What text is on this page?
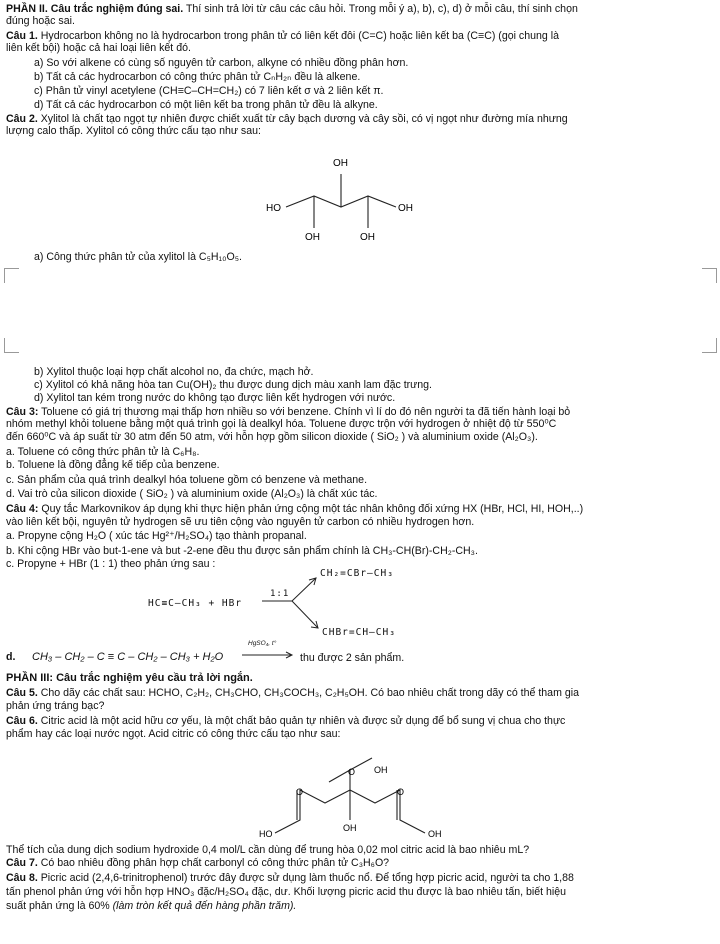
PHẦN II. Câu trắc nghiệm đúng sai. Thí sinh trả lời từ câu các câu hỏi. Trong mỗi ý a), b), c), d) ở mỗi câu, thí sinh chọn
đúng hoặc sai.
Câu 1. Hydrocarbon không no là hydrocarbon trong phân tử có liên kết đôi (C=C) hoặc liên kết ba (C≡C) (gọi chung là
liên kết bội) hoặc cả hai loại liên kết đó.
a) So với alkene có cùng số nguyên tử carbon, alkyne có nhiều đồng phân hơn.
b) Tất cả các hydrocarbon có công thức phân tử CₙH₂ₙ đều là alkene.
c) Phân tử vinyl acetylene (CH≡C–CH=CH₂) có 7 liên kết σ và 2 liên kết π.
d) Tất cả các hydrocarbon có một liên kết ba trong phân tử đều là alkyne.
Câu 2. Xylitol là chất tạo ngọt tự nhiên được chiết xuất từ cây bạch dương và cây sồi, có vị ngọt như đường mía nhưng
lượng calo thấp. Xylitol có công thức cấu tạo như sau:
OH
HO	OH
OH	OH
a) Công thức phân tử của xylitol là C₅H₁₀O₅.
b) Xylitol thuộc loại hợp chất alcohol no, đa chức, mạch hở.
c) Xylitol có khả năng hòa tan Cu(OH)₂ thu được dung dịch màu xanh lam đặc trưng.
d) Xylitol tan kém trong nước do không tạo được liên kết hydrogen với nước.
Câu 3: Toluene có giá trị thương mại thấp hơn nhiều so với benzene. Chính vì lí do đó nên người ta đã tiến hành loại bỏ
nhóm methyl khỏi toluene bằng một quá trình gọi là dealkyl hóa. Toluene được trộn với hydrogen ở nhiệt độ từ 550⁰C
đến 660⁰C và áp suất từ 30 atm đến 50 atm, với hỗn hợp gồm silicon dioxide ( SiO₂ ) và aluminium oxide (Al₂O₃).
a. Toluene có công thức phân tử là C₆H₈.
b. Toluene là đồng đẳng kế tiếp của benzene.
c. Sản phẩm của quá trình dealkyl hóa toluene gồm có benzene và methane.
d. Vai trò của silicon dioxide ( SiO₂ ) và aluminium oxide (Al₂O₃) là chất xúc tác.
Câu 4: Quy tắc Markovnikov áp dụng khi thực hiện phản ứng cộng một tác nhân không đối xứng HX (HBr, HCl, HI, HOH,..)
vào liên kết bội, nguyên tử hydrogen sẽ ưu tiên cộng vào nguyên tử carbon có nhiều hydrogen hơn.
a. Propyne cộng H₂O ( xúc tác Hg²⁺/H₂SO₄) tạo thành propanal.
b. Khi cộng HBr vào but-1-ene và but -2-ene đều thu được sản phẩm chính là CH₃-CH(Br)-CH₂-CH₃.
c. Propyne + HBr (1 : 1) theo phản ứng sau :
HC≡C–CH₃ + HBr
1:1
CH₂=CBr–CH₃
CHBr=CH–CH₃
d. CH₃ – CH₂ – C ≡ C – CH₂ – CH₃ + H₂O
HgSO₄, t°
thu được 2 sản phẩm.
PHẦN III: Câu trắc nghiệm yêu cầu trả lời ngắn.
Câu 5. Cho dãy các chất sau: HCHO, C₂H₂, CH₃CHO, CH₃COCH₃, C₂H₅OH. Có bao nhiêu chất trong dãy có thể tham gia
phản ứng tráng bạc?
Câu 6. Citric acid là một acid hữu cơ yếu, là một chất bảo quản tự nhiên và được sử dụng để bổ sung vị chua cho thực
phẩm hay các loại nước ngọt. Acid citric có công thức cấu tạo như sau:
O OH
O	O
HO	OH
OH
Thể tích của dung dịch sodium hydroxide 0,4 mol/L cần dùng để trung hòa 0,02 mol citric acid là bao nhiêu mL?
Câu 7. Có bao nhiêu đồng phân hợp chất carbonyl có công thức phân tử C₃H₆O?
Câu 8. Picric acid (2,4,6-trinitrophenol) trước đây được sử dụng làm thuốc nổ. Để tổng hợp picric acid, người ta cho 1,88
tấn phenol phản ứng với hỗn hợp HNO₃ đặc/H₂SO₄ đặc, dư. Khối lượng picric acid thu được là bao nhiêu tấn, biết hiệu
suất phản ứng là 60% (làm tròn kết quả đến hàng phần trăm).
